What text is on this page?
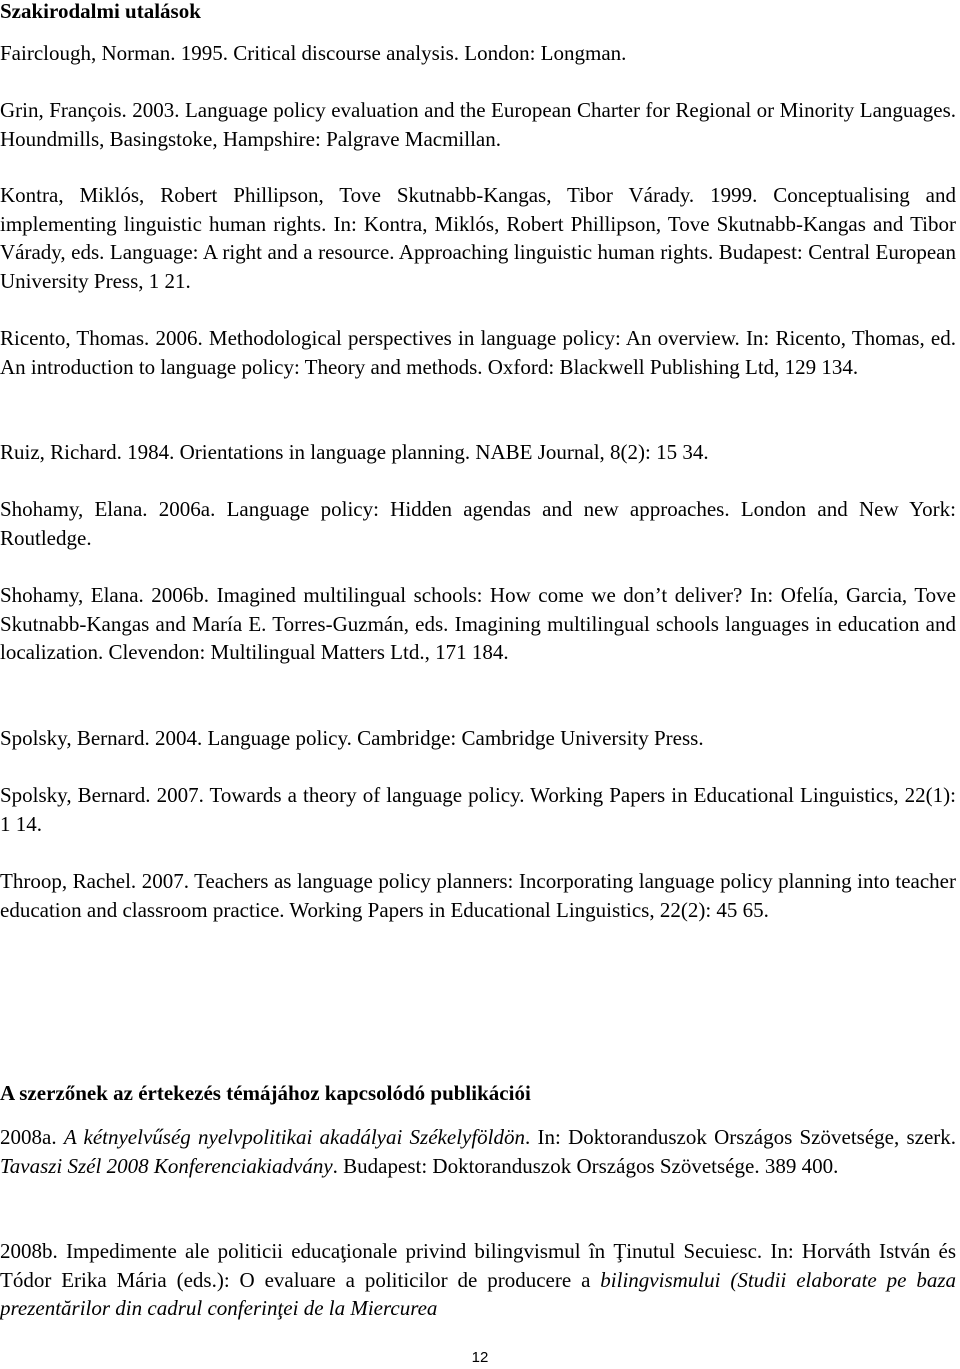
Szakirodalmi utalások

Fairclough, Norman. 1995. Critical discourse analysis. London: Longman.

Grin, François. 2003. Language policy evaluation and the European Charter for Regional or Minority Languages. Houndmills, Basingstoke, Hampshire: Palgrave Macmillan.

Kontra, Miklós, Robert Phillipson, Tove Skutnabb-Kangas, Tibor Várady. 1999. Conceptualising and implementing linguistic human rights. In: Kontra, Miklós, Robert Phillipson, Tove Skutnabb-Kangas and Tibor Várady, eds. Language: A right and a resource. Approaching linguistic human rights. Budapest: Central European University Press, 1 21.

Ricento, Thomas. 2006. Methodological perspectives in language policy: An overview. In: Ricento, Thomas, ed. An introduction to language policy: Theory and methods. Oxford: Blackwell Publishing Ltd, 129 134.

Ruiz, Richard. 1984. Orientations in language planning. NABE Journal, 8(2): 15 34.

Shohamy, Elana. 2006a. Language policy: Hidden agendas and new approaches. London and New York: Routledge.

Shohamy, Elana. 2006b. Imagined multilingual schools: How come we don’t deliver? In: Ofelía, Garcia, Tove Skutnabb-Kangas and María E. Torres-Guzmán, eds. Imagining multilingual schools languages in education and localization. Clevendon: Multilingual Matters Ltd., 171 184.

Spolsky, Bernard. 2004. Language policy. Cambridge: Cambridge University Press.

Spolsky, Bernard. 2007. Towards a theory of language policy. Working Papers in Educational Linguistics, 22(1): 1 14.

Throop, Rachel. 2007. Teachers as language policy planners: Incorporating language policy planning into teacher education and classroom practice. Working Papers in Educational Linguistics, 22(2): 45 65.

A szerzőnek az értekezés témájához kapcsolódó publikációi

2008a. A kétnyelvűség nyelvpolitikai akadályai Székelyföldön. In: Doktoranduszok Országos Szövetsége, szerk. Tavaszi Szél 2008 Konferenciakiadvány. Budapest: Doktoranduszok Országos Szövetsége. 389 400.

2008b. Impedimente ale politicii educaţionale privind bilingvismul în Ţinutul Secuiesc. In: Horváth István és Tódor Erika Mária (eds.): O evaluare a politicilor de producere a bilingvismului (Studii elaborate pe baza prezentărilor din cadrul conferinţei de la Miercurea

12
